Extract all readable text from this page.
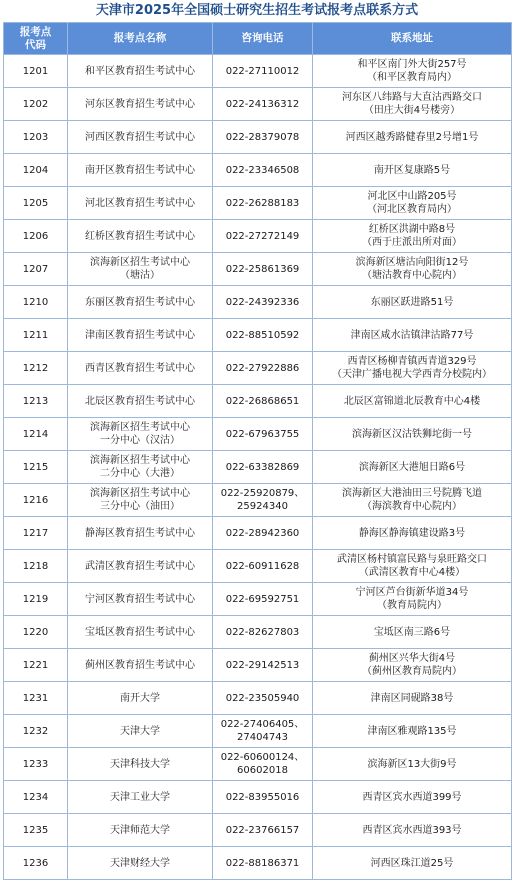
天津市2025年全国硕士研究生招生考试报考点联系方式
报考点
代码	报考点名称	咨询电话	联系地址
1201	和平区教育招生考试中心	022-27110012	和平区南门外大街257号
（和平区教育局内）

1202	河东区教育招生考试中心	022-24136312	河东区八纬路与大直沽西路交口
（田庄大街4号楼旁）

1203	河西区教育招生考试中心	022-28379078	河西区越秀路健春里2号增1号

1204	南开区教育招生考试中心	022-23346508	南开区复康路5号

1205	河北区教育招生考试中心	022-26288183	河北区中山路205号
（河北区教育局内）

1206	红桥区教育招生考试中心	022-27272149	红桥区洪湖中路8号
（西于庄派出所对面）

1207	滨海新区招生考试中心
（塘沽）	022-25861369	滨海新区塘沽向阳街12号
（塘沽教育中心院内）

1210	东丽区教育招生考试中心	022-24392336	东丽区跃进路51号

1211	津南区教育招生考试中心	022-88510592	津南区咸水沽镇津沽路77号

1212	西青区教育招生考试中心	022-27922886	西青区杨柳青镇西青道329号
（天津广播电视大学西青分校院内）

1213	北辰区教育招生考试中心	022-26868651	北辰区富锦道北辰教育中心4楼

1214	滨海新区招生考试中心
一分中心（汉沽）	022-67963755	滨海新区汉沽铁狮坨街一号

1215	滨海新区招生考试中心
二分中心（大港）	022-63382869	滨海新区大港旭日路6号

1216	滨海新区招生考试中心
三分中心（油田）	022-25920879、
25924340	滨海新区大港油田三号院腾飞道
（海滨教育中心院内）

1217	静海区教育招生考试中心	022-28942360	静海区静海镇建设路3号

1218	武清区教育招生考试中心	022-60911628	武清区杨村镇富民路与泉旺路交口
（武清区教育中心4楼）

1219	宁河区教育招生考试中心	022-69592751	宁河区芦台街新华道34号
（教育局院内）

1220	宝坻区教育招生考试中心	022-82627803	宝坻区南三路6号

1221	蓟州区教育招生考试中心	022-29142513	蓟州区兴华大街4号
（蓟州区教育局院内）

1231	南开大学	022-23505940	津南区同砚路38号

1232	天津大学	022-27406405、
27404743	津南区雅观路135号

1233	天津科技大学	022-60600124、
60602018	滨海新区13大街9号

1234	天津工业大学	022-83955016	西青区宾水西道399号

1235	天津师范大学	022-23766157	西青区宾水西道393号

1236	天津财经大学	022-88186371	河西区珠江道25号
